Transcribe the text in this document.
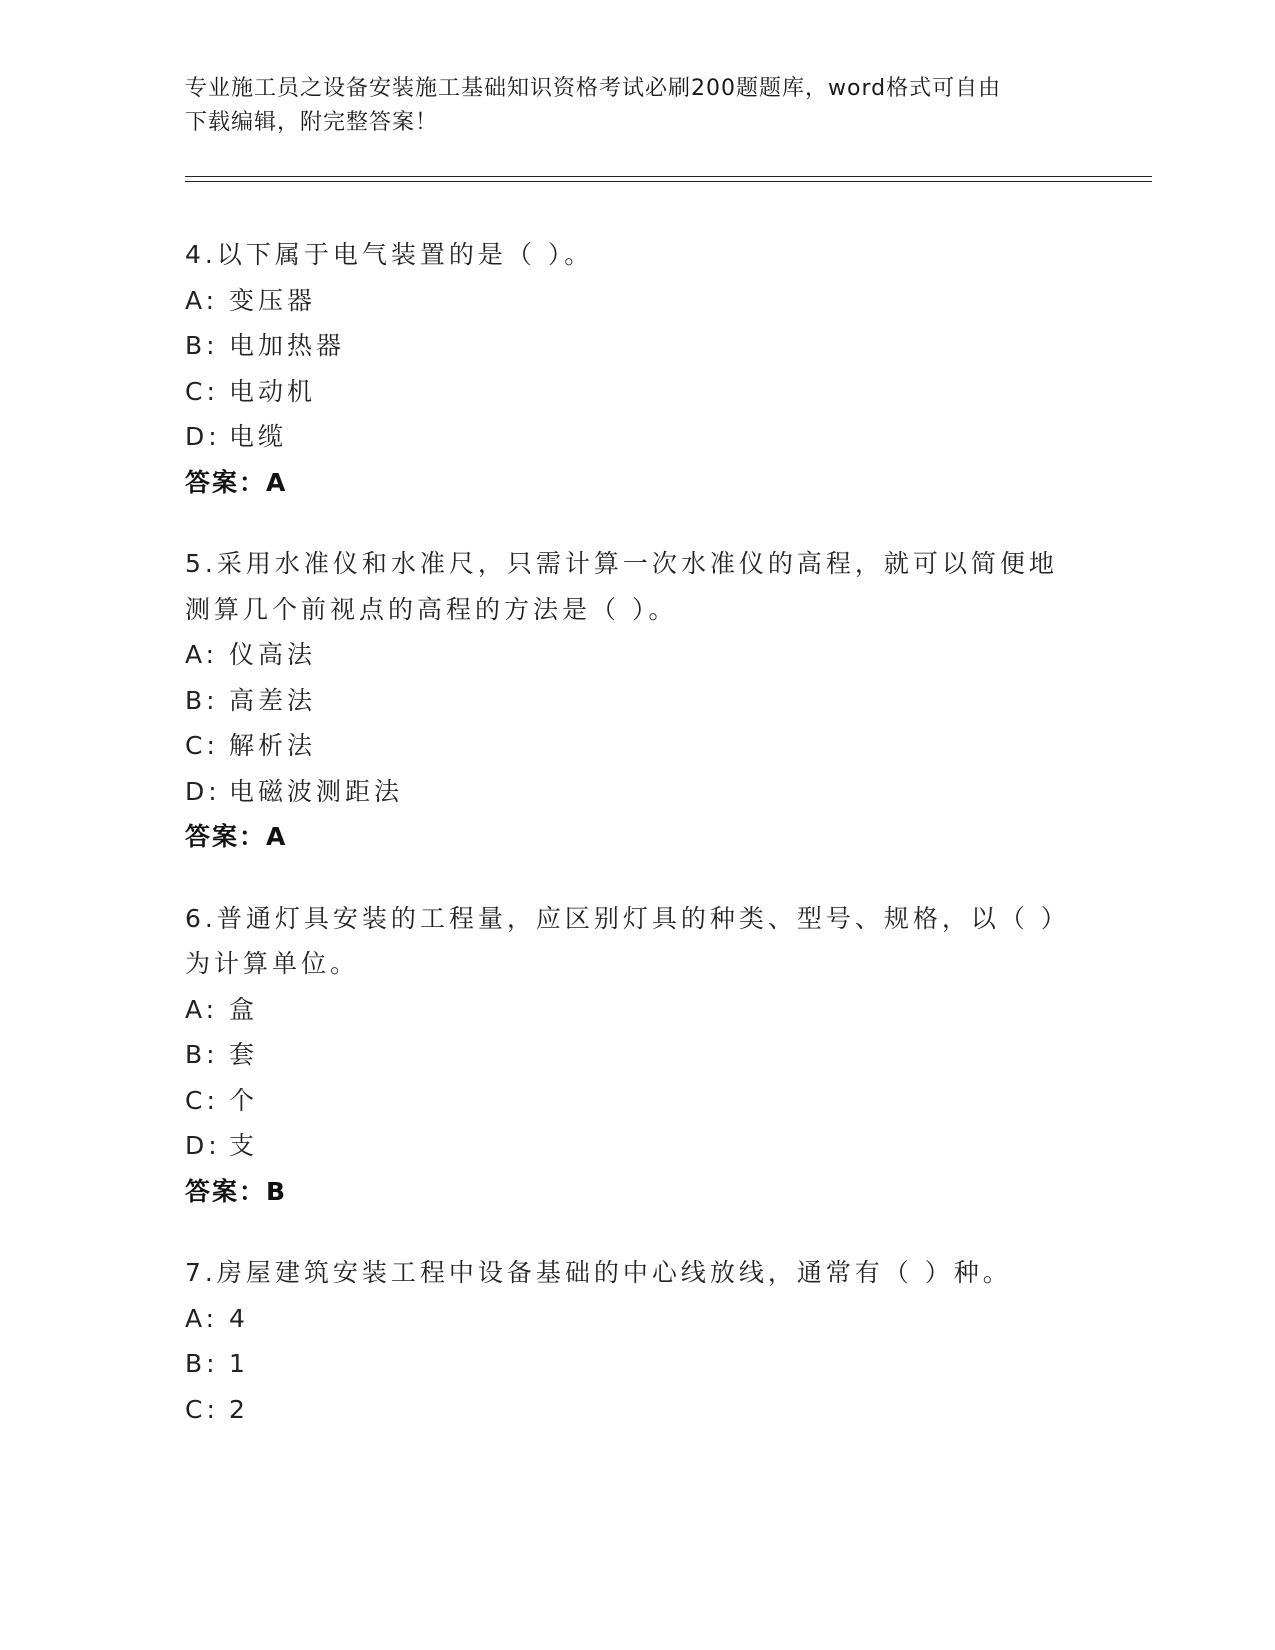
专业施工员之设备安装施工基础知识资格考试必刷200题题库，word格式可自由
下载编辑，附完整答案！
4.以下属于电气装置的是（ ）。
A: 变压器
B: 电加热器
C: 电动机
D: 电缆
答案：A
5.采用水准仪和水准尺，只需计算一次水准仪的高程，就可以简便地
测算几个前视点的高程的方法是（ ）。
A: 仪高法
B: 高差法
C: 解析法
D: 电磁波测距法
答案：A
6.普通灯具安装的工程量，应区别灯具的种类、型号、规格，以（ ）
为计算单位。
A: 盒
B: 套
C: 个
D: 支
答案：B
7.房屋建筑安装工程中设备基础的中心线放线，通常有（ ）种。
A: 4
B: 1
C: 2
